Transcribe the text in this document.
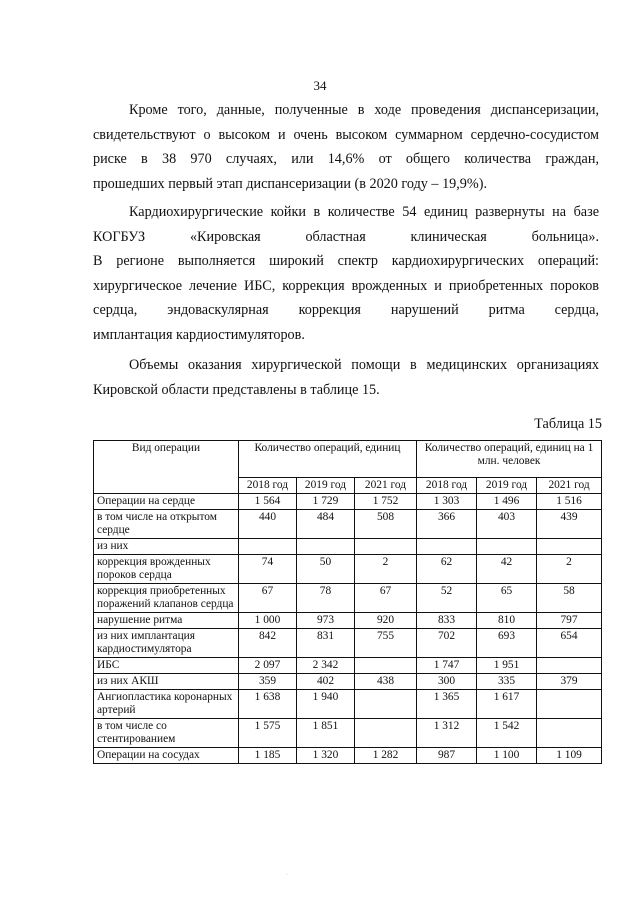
34
Кроме того, данные, полученные в ходе проведения диспансеризации,
свидетельствуют о высоком и очень высоком суммарном сердечно-сосудистом
риске в 38 970 случаях, или 14,6% от общего количества граждан,
прошедших первый этап диспансеризации (в 2020 году – 19,9%).
Кардиохирургические койки в количестве 54 единиц развернуты на базе
КОГБУЗ «Кировская областная клиническая больница».
В регионе выполняется широкий спектр кардиохирургических операций:
хирургическое лечение ИБС, коррекция врожденных и приобретенных пороков
сердца, эндоваскулярная коррекция нарушений ритма сердца,
имплантация кардиостимуляторов.
Объемы оказания хирургической помощи в медицинских организациях
Кировской области представлены в таблице 15.
Таблица 15
Вид операции	Количество операций, единиц			Количество операций, единиц на 1 млн. человек		
	2018 год	2019 год	2021 год	2018 год	2019 год	2021 год
Операции на сердце	1 564	1 729	1 752	1 303	1 496	1 516
в том числе на открытом сердце	440	484	508	366	403	439
из них						
коррекция врожденных пороков сердца	74	50	2	62	42	2
коррекция приобретенных поражений клапанов сердца	67	78	67	52	65	58
нарушение ритма	1 000	973	920	833	810	797
из них имплантация кардиостимулятора	842	831	755	702	693	654
ИБС	2 097	2 342		1 747	1 951	
из них АКШ	359	402	438	300	335	379
Ангиопластика коронарных артерий	1 638	1 940		1 365	1 617	
в том числе со стентированием	1 575	1 851		1 312	1 542	
Операции на сосудах	1 185	1 320	1 282	987	1 100	1 109
·
